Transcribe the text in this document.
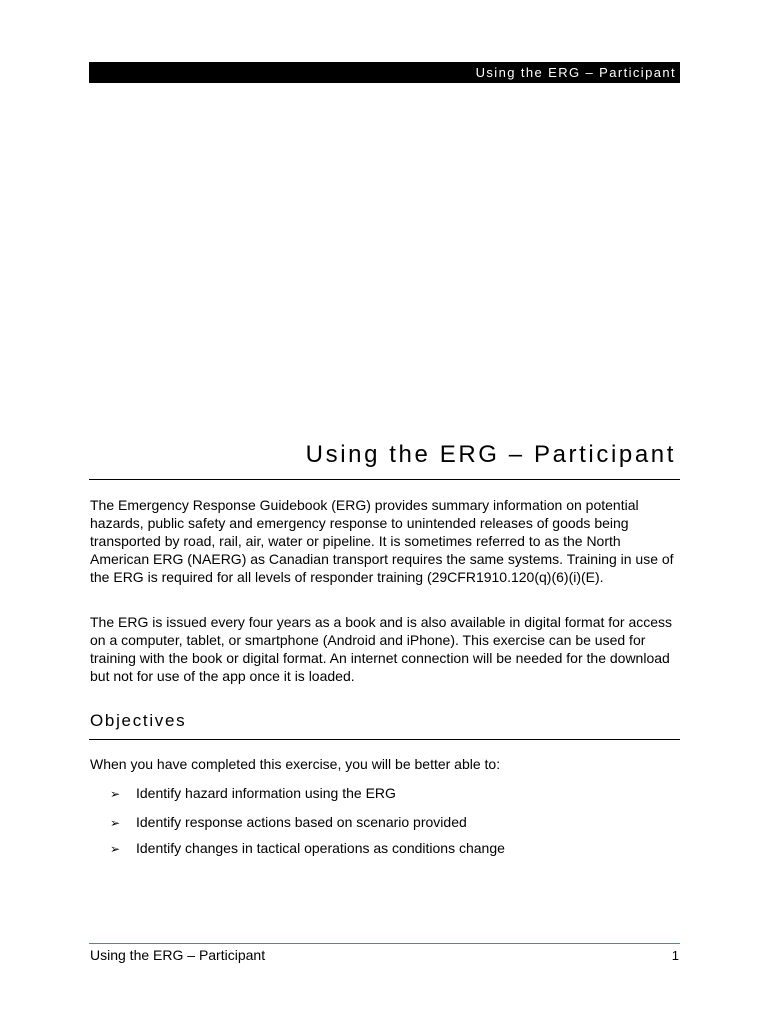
Using the ERG – Participant
Using the ERG – Participant

The Emergency Response Guidebook (ERG) provides summary information on potential hazards, public safety and emergency response to unintended releases of goods being transported by road, rail, air, water or pipeline. It is sometimes referred to as the North American ERG (NAERG) as Canadian transport requires the same systems. Training in use of the ERG is required for all levels of responder training (29CFR1910.120(q)(6)(i)(E).

The ERG is issued every four years as a book and is also available in digital format for access on a computer, tablet, or smartphone (Android and iPhone). This exercise can be used for training with the book or digital format. An internet connection will be needed for the download but not for use of the app once it is loaded.

Objectives

When you have completed this exercise, you will be better able to:

➢ Identify hazard information using the ERG
➢ Identify response actions based on scenario provided
➢ Identify changes in tactical operations as conditions change
Using the ERG – Participant	1
